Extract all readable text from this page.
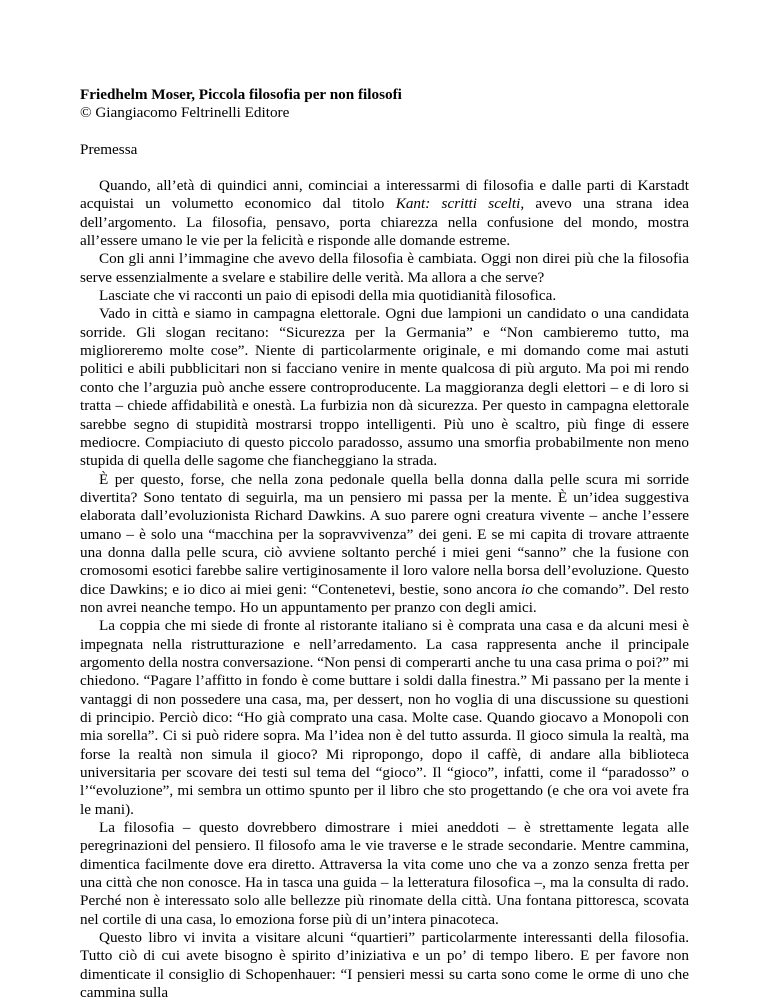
Friedhelm Moser, Piccola filosofia per non filosofi

© Giangiacomo Feltrinelli Editore

Premessa

Quando, all’età di quindici anni, cominciai a interessarmi di filosofia e dalle parti di Karstadt acquistai un volumetto economico dal titolo Kant: scritti scelti, avevo una strana idea dell’argomento. La filosofia, pensavo, porta chiarezza nella confusione del mondo, mostra all’essere umano le vie per la felicità e risponde alle domande estreme.

Con gli anni l’immagine che avevo della filosofia è cambiata. Oggi non direi più che la filosofia serve essenzialmente a svelare e stabilire delle verità. Ma allora a che serve?

Lasciate che vi racconti un paio di episodi della mia quotidianità filosofica.

Vado in città e siamo in campagna elettorale. Ogni due lampioni un candidato o una candidata sorride. Gli slogan recitano: “Sicurezza per la Germania” e “Non cambieremo tutto, ma miglioreremo molte cose”. Niente di particolarmente originale, e mi domando come mai astuti politici e abili pubblicitari non si facciano venire in mente qualcosa di più arguto. Ma poi mi rendo conto che l’arguzia può anche essere controproducente. La maggioranza degli elettori – e di loro si tratta – chiede affidabilità e onestà. La furbizia non dà sicurezza. Per questo in campagna elettorale sarebbe segno di stupidità mostrarsi troppo intelligenti. Più uno è scaltro, più finge di essere mediocre. Compiaciuto di questo piccolo paradosso, assumo una smorfia probabilmente non meno stupida di quella delle sagome che fiancheggiano la strada.

È per questo, forse, che nella zona pedonale quella bella donna dalla pelle scura mi sorride divertita? Sono tentato di seguirla, ma un pensiero mi passa per la mente. È un’idea suggestiva elaborata dall’evoluzionista Richard Dawkins. A suo parere ogni creatura vivente – anche l’essere umano – è solo una “macchina per la sopravvivenza” dei geni. E se mi capita di trovare attraente una donna dalla pelle scura, ciò avviene soltanto perché i miei geni “sanno” che la fusione con cromosomi esotici farebbe salire vertiginosamente il loro valore nella borsa dell’evoluzione. Questo dice Dawkins; e io dico ai miei geni: “Contenetevi, bestie, sono ancora io che comando”. Del resto non avrei neanche tempo. Ho un appuntamento per pranzo con degli amici.

La coppia che mi siede di fronte al ristorante italiano si è comprata una casa e da alcuni mesi è impegnata nella ristrutturazione e nell’arredamento. La casa rappresenta anche il principale argomento della nostra conversazione. “Non pensi di comperarti anche tu una casa prima o poi?” mi chiedono. “Pagare l’affitto in fondo è come buttare i soldi dalla finestra.” Mi passano per la mente i vantaggi di non possedere una casa, ma, per dessert, non ho voglia di una discussione su questioni di principio. Perciò dico: “Ho già comprato una casa. Molte case. Quando giocavo a Monopoli con mia sorella”. Ci si può ridere sopra. Ma l’idea non è del tutto assurda. Il gioco simula la realtà, ma forse la realtà non simula il gioco? Mi ripropongo, dopo il caffè, di andare alla biblioteca universitaria per scovare dei testi sul tema del “gioco”. Il “gioco”, infatti, come il “paradosso” o l’“evoluzione”, mi sembra un ottimo spunto per il libro che sto progettando (e che ora voi avete fra le mani).

La filosofia – questo dovrebbero dimostrare i miei aneddoti – è strettamente legata alle peregrinazioni del pensiero. Il filosofo ama le vie traverse e le strade secondarie. Mentre cammina, dimentica facilmente dove era diretto. Attraversa la vita come uno che va a zonzo senza fretta per una città che non conosce. Ha in tasca una guida – la letteratura filosofica –, ma la consulta di rado. Perché non è interessato solo alle bellezze più rinomate della città. Una fontana pittoresca, scovata nel cortile di una casa, lo emoziona forse più di un’intera pinacoteca.

Questo libro vi invita a visitare alcuni “quartieri” particolarmente interessanti della filosofia. Tutto ciò di cui avete bisogno è spirito d’iniziativa e un po’ di tempo libero. E per favore non dimenticate il consiglio di Schopenhauer: “I pensieri messi su carta sono come le orme di uno che cammina sulla
